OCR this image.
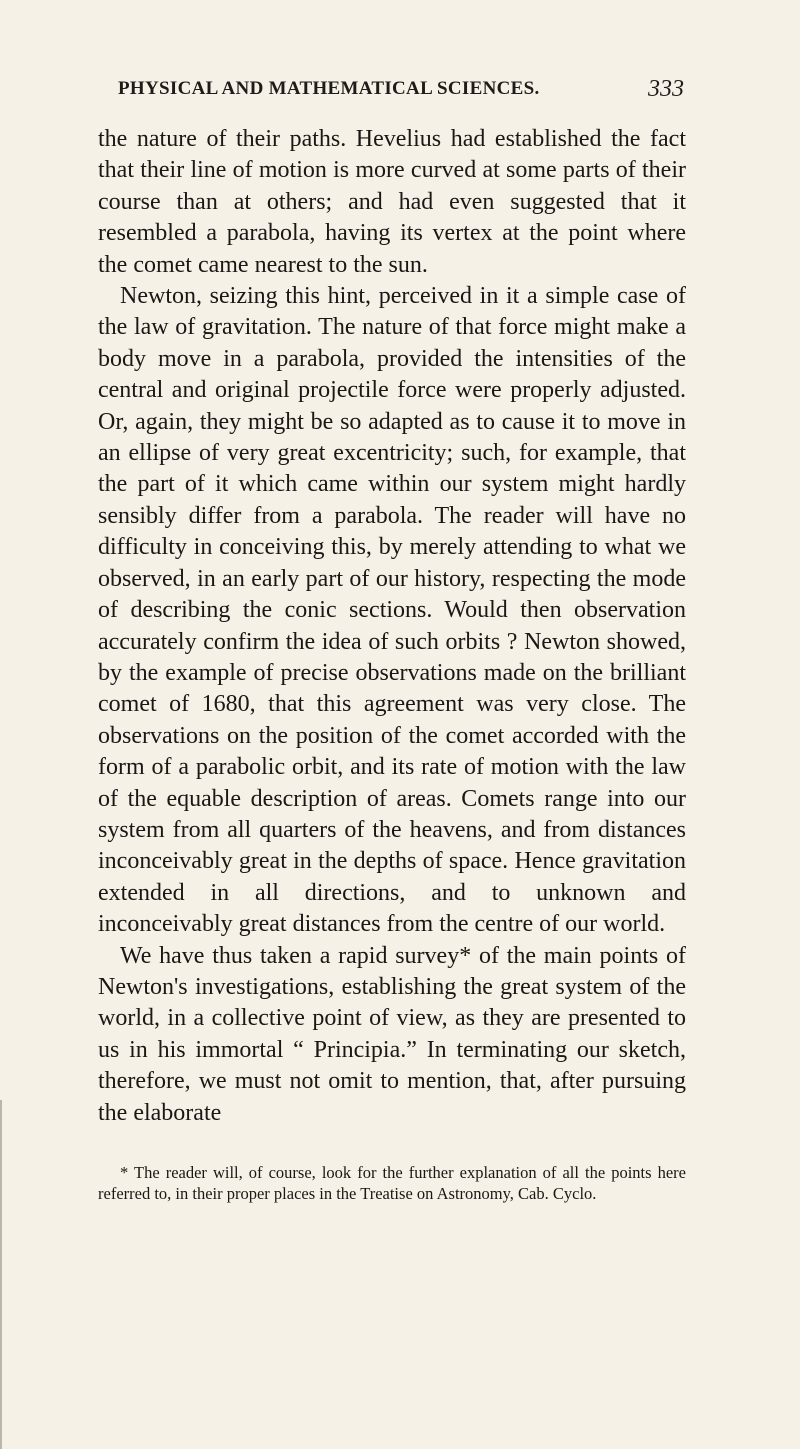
PHYSICAL AND MATHEMATICAL SCIENCES.	333

the nature of their paths. Hevelius had established the fact that their line of motion is more curved at some parts of their course than at others; and had even suggested that it resembled a parabola, having its vertex at the point where the comet came nearest to the sun.

Newton, seizing this hint, perceived in it a simple case of the law of gravitation. The nature of that force might make a body move in a parabola, provided the intensities of the central and original projectile force were properly adjusted. Or, again, they might be so adapted as to cause it to move in an ellipse of very great excentricity; such, for example, that the part of it which came within our system might hardly sensibly differ from a parabola. The reader will have no difficulty in conceiving this, by merely attending to what we observed, in an early part of our history, respecting the mode of describing the conic sections. Would then observation accurately confirm the idea of such orbits ? Newton showed, by the example of precise observations made on the brilliant comet of 1680, that this agreement was very close. The observations on the position of the comet accorded with the form of a parabolic orbit, and its rate of motion with the law of the equable description of areas. Comets range into our system from all quarters of the heavens, and from distances inconceivably great in the depths of space. Hence gravitation extended in all directions, and to unknown and inconceivably great distances from the centre of our world.

We have thus taken a rapid survey* of the main points of Newton's investigations, establishing the great system of the world, in a collective point of view, as they are presented to us in his immortal “ Principia.” In terminating our sketch, therefore, we must not omit to mention, that, after pursuing the elaborate

* The reader will, of course, look for the further explanation of all the points here referred to, in their proper places in the Treatise on Astronomy, Cab. Cyclo.
